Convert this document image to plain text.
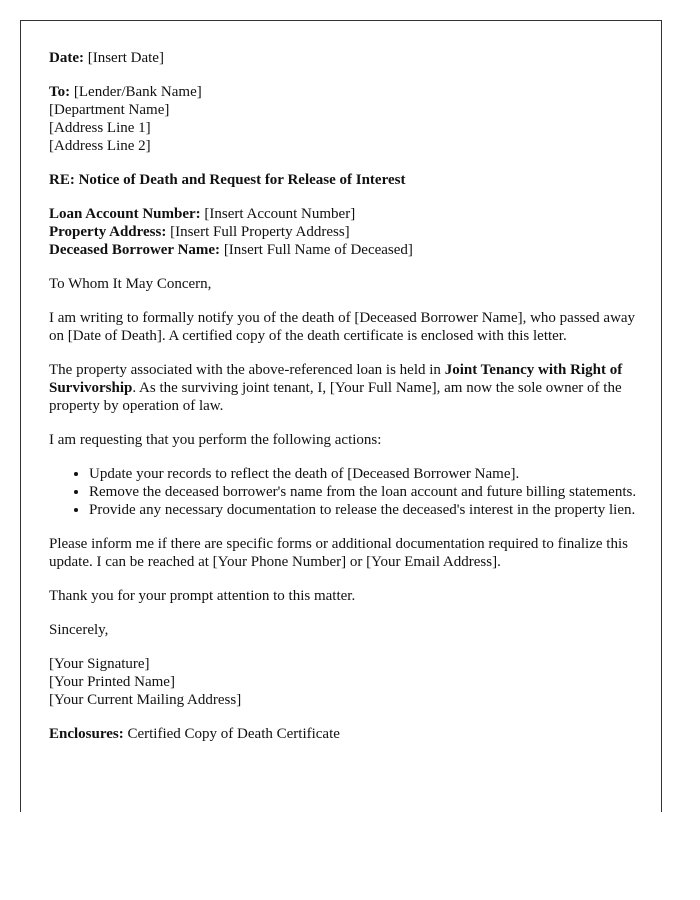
Date: [Insert Date]

To: [Lender/Bank Name]
[Department Name]
[Address Line 1]
[Address Line 2]

RE: Notice of Death and Request for Release of Interest

Loan Account Number: [Insert Account Number]
Property Address: [Insert Full Property Address]
Deceased Borrower Name: [Insert Full Name of Deceased]

To Whom It May Concern,

I am writing to formally notify you of the death of [Deceased Borrower Name], who passed away on [Date of Death]. A certified copy of the death certificate is enclosed with this letter.

The property associated with the above-referenced loan is held in Joint Tenancy with Right of Survivorship. As the surviving joint tenant, I, [Your Full Name], am now the sole owner of the property by operation of law.

I am requesting that you perform the following actions:

• Update your records to reflect the death of [Deceased Borrower Name].
• Remove the deceased borrower's name from the loan account and future billing statements.
• Provide any necessary documentation to release the deceased's interest in the property lien.

Please inform me if there are specific forms or additional documentation required to finalize this update. I can be reached at [Your Phone Number] or [Your Email Address].

Thank you for your prompt attention to this matter.

Sincerely,

[Your Signature]
[Your Printed Name]
[Your Current Mailing Address]

Enclosures: Certified Copy of Death Certificate
